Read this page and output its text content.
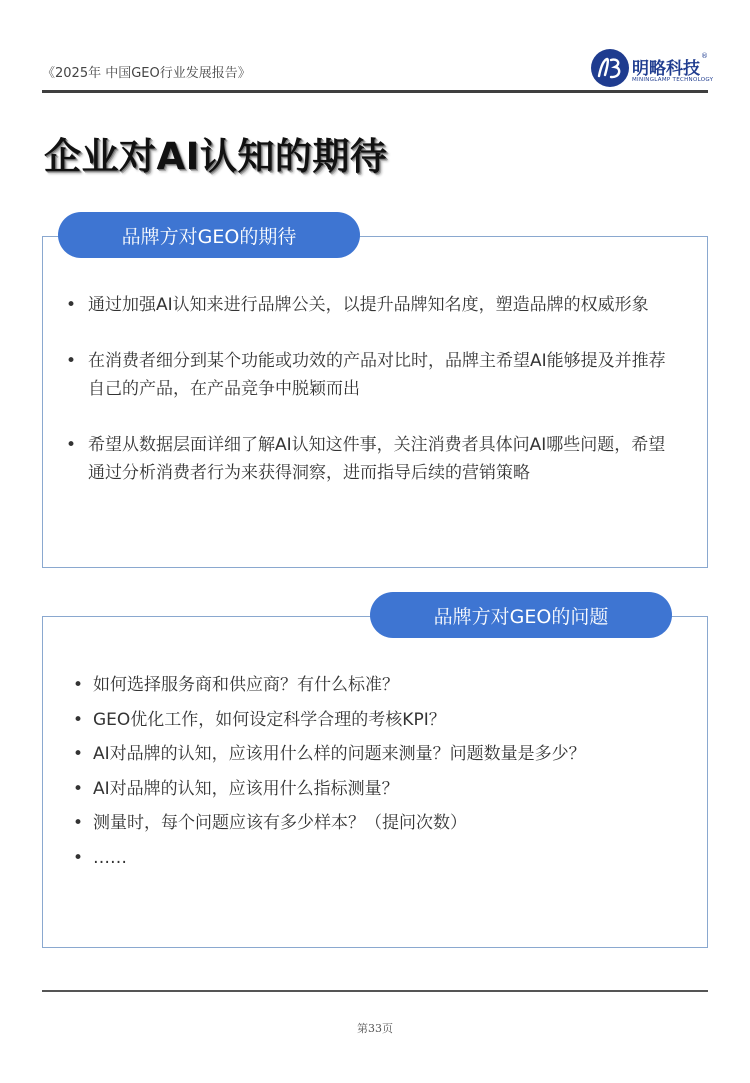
《2025年 中国GEO行业发展报告》	明略科技
®
MININGLAMP TECHNOLOGY
企业对AI认知的期待
品牌方对GEO的期待
• 通过加强AI认知来进行品牌公关，以提升品牌知名度，塑造品牌的权威形象
• 在消费者细分到某个功能或功效的产品对比时，品牌主希望AI能够提及并推荐自己的产品，在产品竞争中脱颖而出
• 希望从数据层面详细了解AI认知这件事，关注消费者具体问AI哪些问题，希望通过分析消费者行为来获得洞察，进而指导后续的营销策略
品牌方对GEO的问题
• 如何选择服务商和供应商？有什么标准？
• GEO优化工作，如何设定科学合理的考核KPI？
• AI对品牌的认知，应该用什么样的问题来测量？问题数量是多少？
• AI对品牌的认知，应该用什么指标测量？
• 测量时，每个问题应该有多少样本？（提问次数）
• ……
第33页
